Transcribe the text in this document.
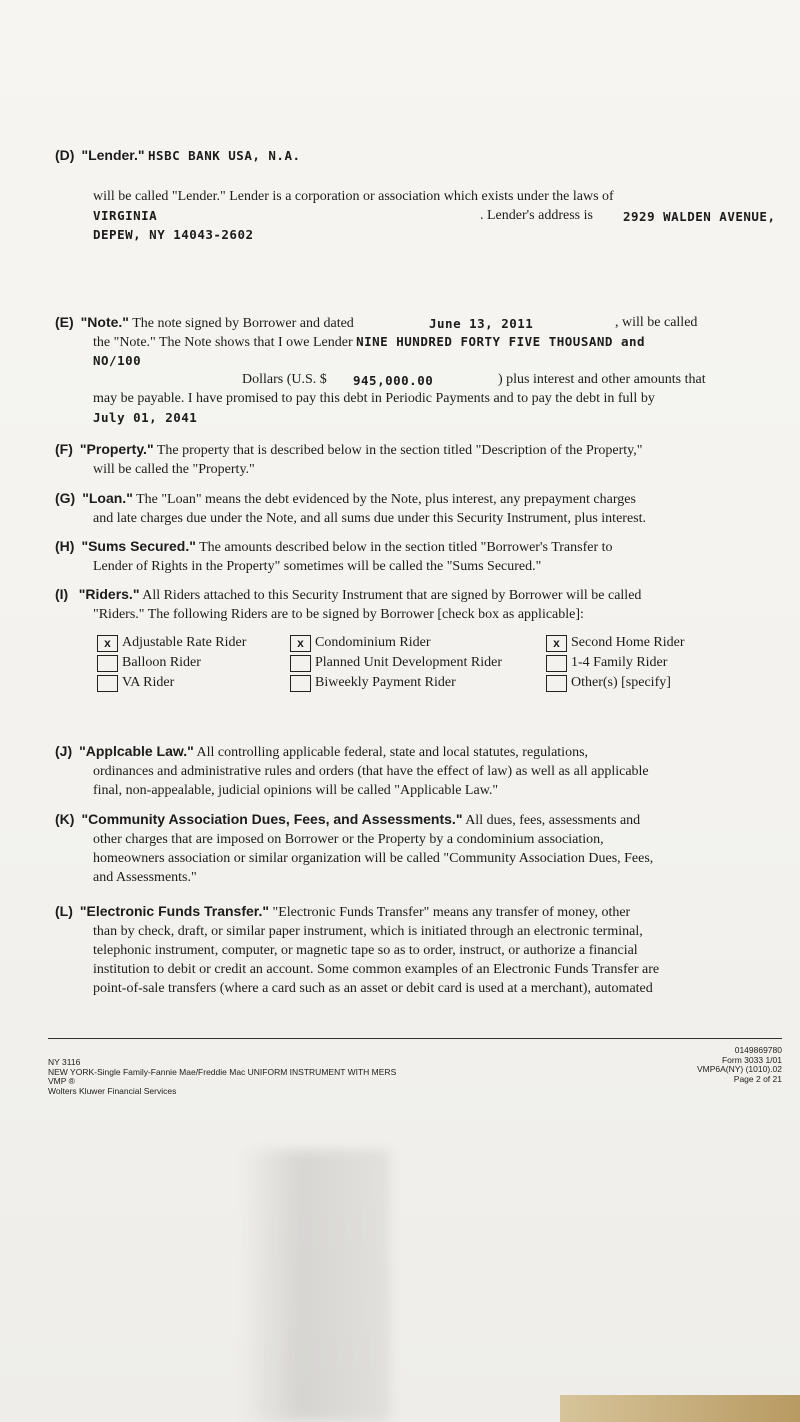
(D) "Lender." HSBC BANK USA, N.A.
will be called "Lender." Lender is a corporation or association which exists under the laws of
VIRGINIA	. Lender's address is 2929 WALDEN AVENUE,
DEPEW, NY 14043-2602
(E) "Note." The note signed by Borrower and dated	June 13, 2011	, will be called
the "Note." The Note shows that I owe Lender NINE HUNDRED FORTY FIVE THOUSAND and
NO/100
Dollars (U.S. $ 945,000.00	) plus interest and other amounts that
may be payable. I have promised to pay this debt in Periodic Payments and to pay the debt in full by
July 01, 2041
(F) "Property." The property that is described below in the section titled "Description of the Property,"
will be called the "Property."
(G) "Loan." The "Loan" means the debt evidenced by the Note, plus interest, any prepayment charges
and late charges due under the Note, and all sums due under this Security Instrument, plus interest.
(H) "Sums Secured." The amounts described below in the section titled "Borrower's Transfer to
Lender of Rights in the Property" sometimes will be called the "Sums Secured."
(I) "Riders." All Riders attached to this Security Instrument that are signed by Borrower will be called
"Riders." The following Riders are to be signed by Borrower [check box as applicable]:
x Adjustable Rate Rider	x Condominium Rider	x Second Home Rider
Balloon Rider	Planned Unit Development Rider	1-4 Family Rider
VA Rider	Biweekly Payment Rider	Other(s) [specify]
(J) "Applcable Law." All controlling applicable federal, state and local statutes, regulations,
ordinances and administrative rules and orders (that have the effect of law) as well as all applicable
final, non-appealable, judicial opinions will be called "Applicable Law."
(K) "Community Association Dues, Fees, and Assessments." All dues, fees, assessments and
other charges that are imposed on Borrower or the Property by a condominium association,
homeowners association or similar organization will be called "Community Association Dues, Fees,
and Assessments."
(L) "Electronic Funds Transfer." "Electronic Funds Transfer" means any transfer of money, other
than by check, draft, or similar paper instrument, which is initiated through an electronic terminal,
telephonic instrument, computer, or magnetic tape so as to order, instruct, or authorize a financial
institution to debit or credit an account. Some common examples of an Electronic Funds Transfer are
point-of-sale transfers (where a card such as an asset or debit card is used at a merchant), automated
NY 3116
NEW YORK-Single Family-Fannie Mae/Freddie Mac UNIFORM INSTRUMENT WITH MERS
VMP ®
Wolters Kluwer Financial Services
0149869780
Form 3033 1/01
VMP6A(NY) (1010).02
Page 2 of 21
